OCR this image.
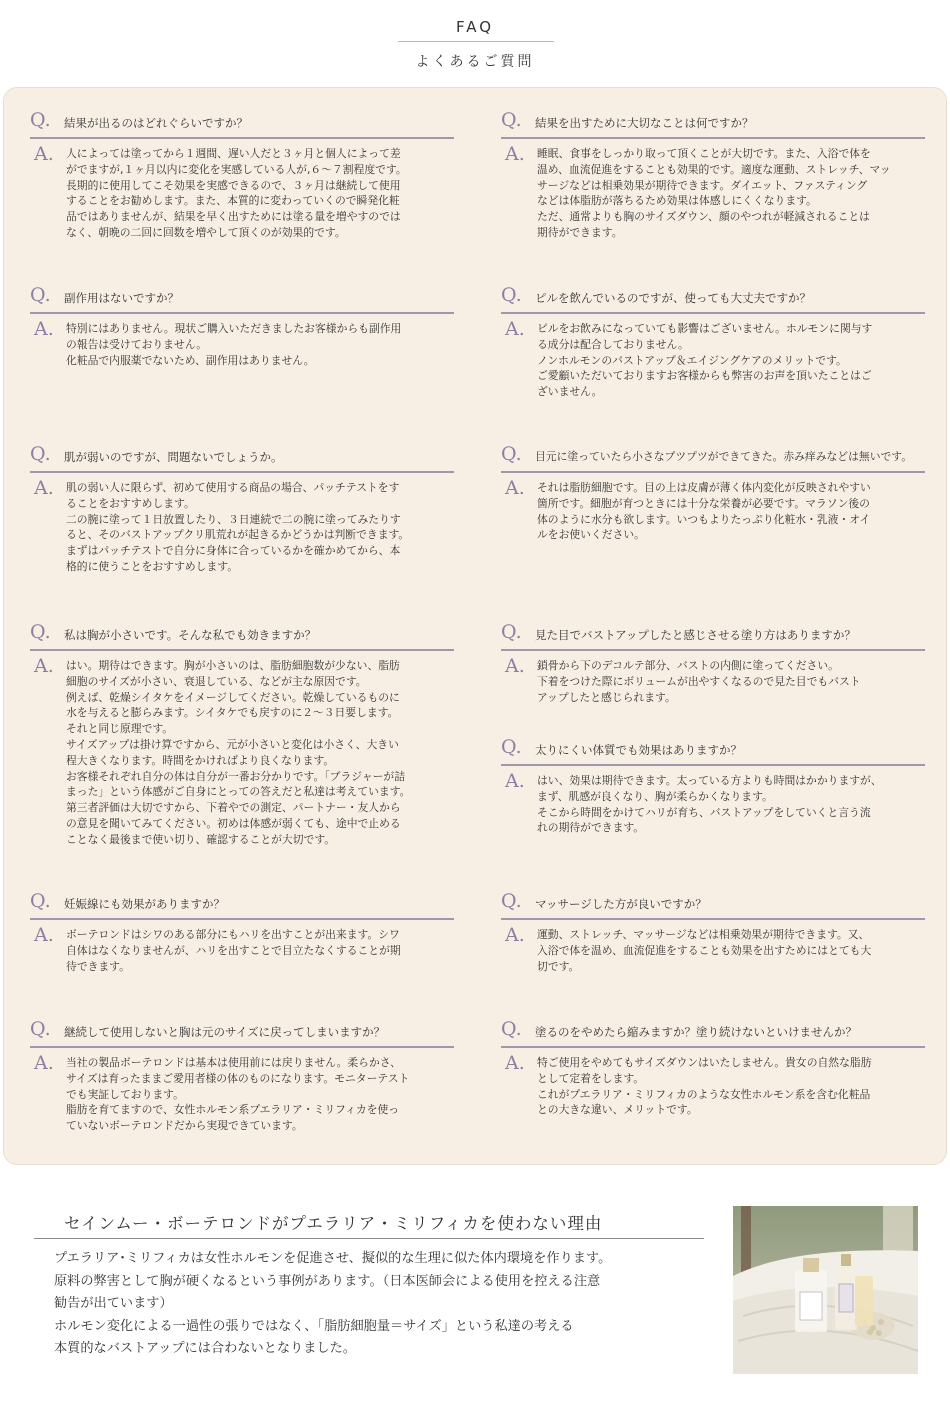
FAQ
よくあるご質問
Q. 結果が出るのはどれぐらいですか？
A. 人によっては塗ってから１週間、遅い人だと３ヶ月と個人によって差
がでますが,１ヶ月以内に変化を実感している人が,６～７割程度です。
長期的に使用してこそ効果を実感できるので、３ヶ月は継続して使用
することをお勧めします。また、本質的に変わっていくので瞬発化粧
品ではありませんが、結果を早く出すためには塗る量を増やすのでは
なく、朝晩の二回に回数を増やして頂くのが効果的です。
Q. 副作用はないですか？
A. 特別にはありません。現状ご購入いただきましたお客様からも副作用
の報告は受けておりません。
化粧品で内服薬でないため、副作用はありません。
Q. 肌が弱いのですが、問題ないでしょうか。
A. 肌の弱い人に限らず、初めて使用する商品の場合、パッチテストをす
ることをおすすめします。
二の腕に塗って１日放置したり、３日連続で二の腕に塗ってみたりす
ると、そのバストアップクリ肌荒れが起きるかどうかは判断できます。
まずはパッチテストで自分に身体に合っているかを確かめてから、本
格的に使うことをおすすめします。
Q. 私は胸が小さいです。そんな私でも効きますか？
A. はい。期待はできます。胸が小さいのは、脂肪細胞数が少ない、脂肪
細胞のサイズが小さい、衰退している、などが主な原因です。
例えば、乾燥シイタケをイメージしてください。乾燥しているものに
水を与えると膨らみます。シイタケでも戻すのに２～３日要します。
それと同じ原理です。
サイズアップは掛け算ですから、元が小さいと変化は小さく、大きい
程大きくなります。時間をかければより良くなります。
お客様それぞれ自分の体は自分が一番お分かりです。「ブラジャーが詰
まった」という体感がご自身にとっての答えだと私達は考えています。
第三者評価は大切ですから、下着やでの測定、パートナー・友人から
の意見を聞いてみてください。初めは体感が弱くても、途中で止める
ことなく最後まで使い切り、確認することが大切です。
Q. 妊娠線にも効果がありますか？
A. ボーテロンドはシワのある部分にもハリを出すことが出来ます。シワ
自体はなくなりませんが、ハリを出すことで目立たなくすることが期
待できます。
Q. 継続して使用しないと胸は元のサイズに戻ってしまいますか？
A. 当社の製品ボーテロンドは基本は使用前には戻りません。柔らかさ、
サイズは育ったままご愛用者様の体のものになります。モニターテスト
でも実証しております。
脂肪を育てますので、女性ホルモン系プエラリア・ミリフィカを使っ
ていないボーテロンドだから実現できています。
Q. 結果を出すために大切なことは何ですか？
A. 睡眠、食事をしっかり取って頂くことが大切です。また、入浴で体を
温め、血流促進をすることも効果的です。適度な運動、ストレッチ、マッ
サージなどは相乗効果が期待できます。ダイエット、ファスティング
などは体脂肪が落ちるため効果は体感しにくくなります。
ただ、通常よりも胸のサイズダウン、顔のやつれが軽減されることは
期待ができます。
Q. ピルを飲んでいるのですが、使っても大丈夫ですか？
A. ピルをお飲みになっていても影響はございません。ホルモンに関与す
る成分は配合しておりません。
ノンホルモンのバストアップ＆エイジングケアのメリットです。
ご愛顧いただいておりますお客様からも弊害のお声を頂いたことはご
ざいません。
Q. 目元に塗っていたら小さなプツプツができてきた。赤み痒みなどは無いです。
A. それは脂肪細胞です。目の上は皮膚が薄く体内変化が反映されやすい
箇所です。細胞が育つときには十分な栄養が必要です。マラソン後の
体のように水分も欲します。いつもよりたっぷり化粧水・乳液・オイ
ルをお使いください。
Q. 見た目でバストアップしたと感じさせる塗り方はありますか？
A. 鎖骨から下のデコルテ部分、バストの内側に塗ってください。
下着をつけた際にボリュームが出やすくなるので見た目でもバスト
アップしたと感じられます。
Q. 太りにくい体質でも効果はありますか？
A. はい、効果は期待できます。太っている方よりも時間はかかりますが、
まず、肌感が良くなり、胸が柔らかくなります。
そこから時間をかけてハリが育ち、バストアップをしていくと言う流
れの期待ができます。
Q. マッサージした方が良いですか？
A. 運動、ストレッチ、マッサージなどは相乗効果が期待できます。又、
入浴で体を温め、血流促進をすることも効果を出すためにはとても大
切です。
Q. 塗るのをやめたら縮みますか？塗り続けないといけませんか？
A. 特ご使用をやめてもサイズダウンはいたしません。貴女の自然な脂肪
として定着をします。
これがプエラリア・ミリフィカのような女性ホルモン系を含む化粧品
との大きな違い、メリットです。
セインムー・ボーテロンドがプエラリア・ミリフィカを使わない理由
プエラリア･ミリフィカは女性ホルモンを促進させ、擬似的な生理に似た体内環境を作ります。
原料の弊害として胸が硬くなるという事例があります。（日本医師会による使用を控える注意
勧告が出ています）
ホルモン変化による一過性の張りではなく、「脂肪細胞量＝サイズ」という私達の考える
本質的なバストアップには合わないとなりました。
